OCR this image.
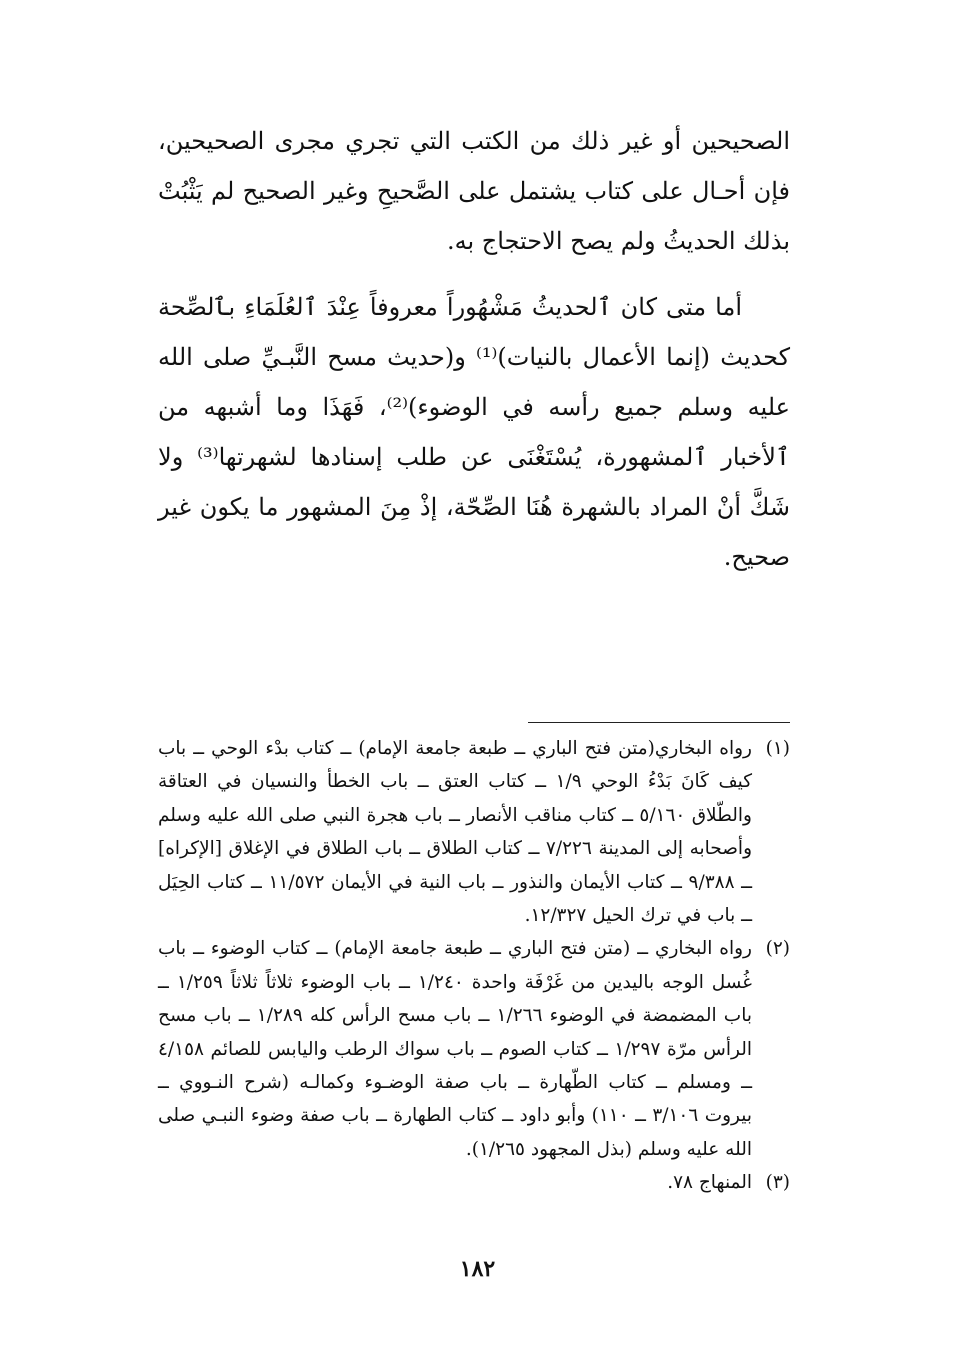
الصحيحين أو غير ذلك من الكتب التي تجري مجرى الصحيحين، فإن أحـال على كتاب يشتمل على الصَّحيحِ وغير الصحيح لم يَثْبُتْ بذلك الحديثُ ولم يصح الاحتجاج به.

أما متى كان ٱلحديثُ مَشْهُوراً معروفاً عِنْدَ ٱلعُلَمَاءِ بٱلصِّحة كحديث (إنما الأعمال بالنيات)⁽¹⁾ و(حديث مسح النَّبـيِّ صلى الله عليه وسلم جميع رأسه في الوضوء)⁽²⁾، فَهَذَا وما أشبهه من ٱلأخبار ٱلمشهورة، يُسْتَغْنَى عن طلب إسنادها لشهرتها⁽³⁾ ولا شَكَّ أنْ المراد بالشهرة هُنَا الصِّحّة، إذْ مِنَ المشهور ما يكون غير صحيح.

(١)
رواه البخاري(متن فتح الباري ــ طبعة جامعة الإمام) ــ كتاب بدْء الوحي ــ باب كيف كَانَ بَدْءُ الوحي ١/٩ ــ كتاب العتق ــ باب الخطأ والنسيان في العتاقة والطّلاق ٥/١٦٠ ــ كتاب مناقب الأنصار ــ باب هجرة النبي صلى الله عليه وسلم وأصحابه إلى المدينة ٧/٢٢٦ ــ كتاب الطلاق ــ باب الطلاق في الإغلاق [الإكراه] ــ ٩/٣٨٨ ــ كتاب الأيمان والنذور ــ باب النية في الأيمان ١١/٥٧٢ ــ كتاب الحِيَل ــ باب في ترك الحيل ١٢/٣٢٧.
(٢)
رواه البخاري ــ (متن فتح الباري ــ طبعة جامعة الإمام) ــ كتاب الوضوء ــ باب غُسل الوجه باليدين من غَرْفَة واحدة ١/٢٤٠ ــ باب الوضوء ثلاثاً ثلاثاً ١/٢٥٩ ــ باب المضمضة في الوضوء ١/٢٦٦ ــ باب مسح الرأس كله ١/٢٨٩ ــ باب مسح الرأس مرّة ١/٢٩٧ ــ كتاب الصوم ــ باب سواك الرطب واليابس للصائم ٤/١٥٨ ــ ومسلم ــ كتاب الطّهارة ــ باب صفة الوضـوء وكمالـه (شرح النـووي ــ بيروت ٣/١٠٦ ــ ١١٠) وأبو داود ــ كتاب الطهارة ــ باب صفة وضوء النبـي صلى الله عليه وسلم (بذل المجهود ١/٢٦٥).
(٣)
المنهاج ٧٨.
١٨٢
